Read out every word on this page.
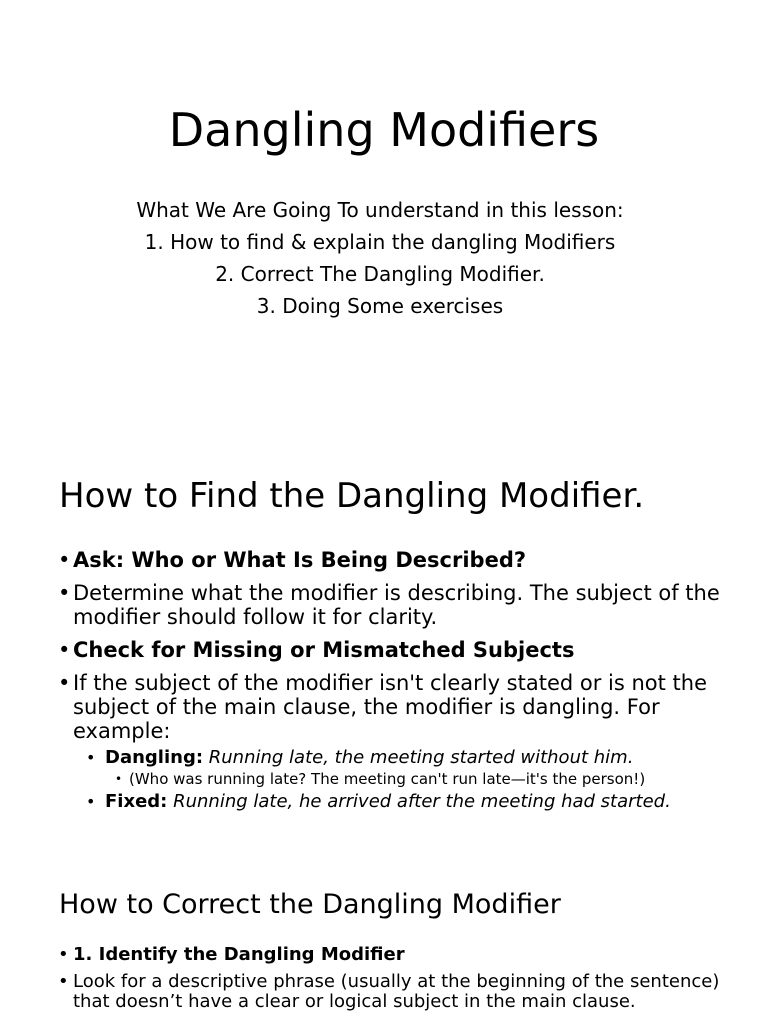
Dangling Modifiers
What We Are Going To understand in this lesson:
1. How to find & explain the dangling Modifiers
2. Correct The Dangling Modifier.
3. Doing Some exercises
How to Find the Dangling Modifier.
• Ask: Who or What Is Being Described?
• Determine what the modifier is describing. The subject of the modifier should follow it for clarity.
• Check for Missing or Mismatched Subjects
• If the subject of the modifier isn't clearly stated or is not the subject of the main clause, the modifier is dangling. For example:
• Dangling: Running late, the meeting started without him.
• (Who was running late? The meeting can't run late—it's the person!)
• Fixed: Running late, he arrived after the meeting had started.
How to Correct the Dangling Modifier
• 1. Identify the Dangling Modifier
• Look for a descriptive phrase (usually at the beginning of the sentence) that doesn’t have a clear or logical subject in the main clause.
